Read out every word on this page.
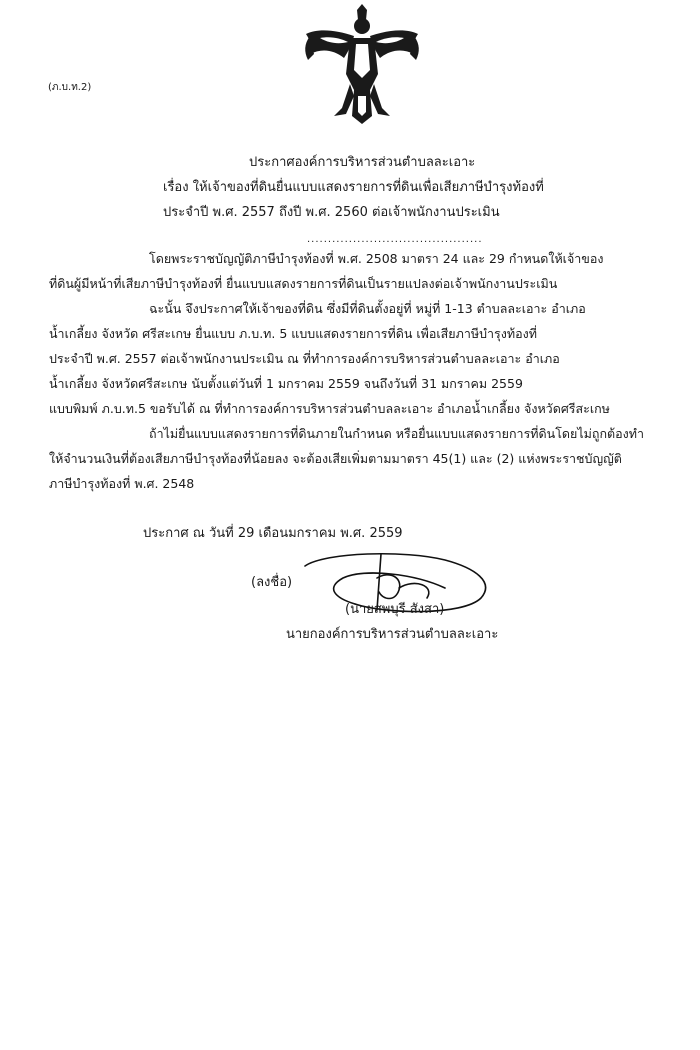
(ภ.บ.ท.2)
ประกาศองค์การบริหารส่วนตำบลละเอาะ
เรื่อง ให้เจ้าของที่ดินยื่นแบบแสดงรายการที่ดินเพื่อเสียภาษีบำรุงท้องที่
ประจำปี พ.ศ. 2557 ถึงปี พ.ศ. 2560 ต่อเจ้าพนักงานประเมิน
..........................................
โดยพระราชบัญญัติภาษีบำรุงท้องที่ พ.ศ. 2508 มาตรา 24 และ 29 กำหนดให้เจ้าของ
ที่ดินผู้มีหน้าที่เสียภาษีบำรุงท้องที่ ยื่นแบบแสดงรายการที่ดินเป็นรายแปลงต่อเจ้าพนักงานประเมิน
ฉะนั้น จึงประกาศให้เจ้าของที่ดิน ซึ่งมีที่ดินตั้งอยู่ที่ หมู่ที่ 1-13 ตำบลละเอาะ อำเภอ
น้ำเกลี้ยง จังหวัด ศรีสะเกษ ยื่นแบบ ภ.บ.ท. 5 แบบแสดงรายการที่ดิน เพื่อเสียภาษีบำรุงท้องที่
ประจำปี พ.ศ. 2557 ต่อเจ้าพนักงานประเมิน ณ ที่ทำการองค์การบริหารส่วนตำบลละเอาะ อำเภอ
น้ำเกลี้ยง จังหวัดศรีสะเกษ นับตั้งแต่วันที่ 1 มกราคม 2559 จนถึงวันที่ 31 มกราคม 2559
แบบพิมพ์ ภ.บ.ท.5 ขอรับได้ ณ ที่ทำการองค์การบริหารส่วนตำบลละเอาะ อำเภอน้ำเกลี้ยง จังหวัดศรีสะเกษ
ถ้าไม่ยื่นแบบแสดงรายการที่ดินภายในกำหนด หรือยื่นแบบแสดงรายการที่ดินโดยไม่ถูกต้องทำ
ให้จำนวนเงินที่ต้องเสียภาษีบำรุงท้องที่น้อยลง จะต้องเสียเพิ่มตามมาตรา 45(1) และ (2) แห่งพระราชบัญญัติ
ภาษีบำรุงท้องที่ พ.ศ. 2548
ประกาศ ณ วันที่ 29 เดือนมกราคม พ.ศ. 2559
(ลงชื่อ)
(นายสพบุรี สังสา)
นายกองค์การบริหารส่วนตำบลละเอาะ
